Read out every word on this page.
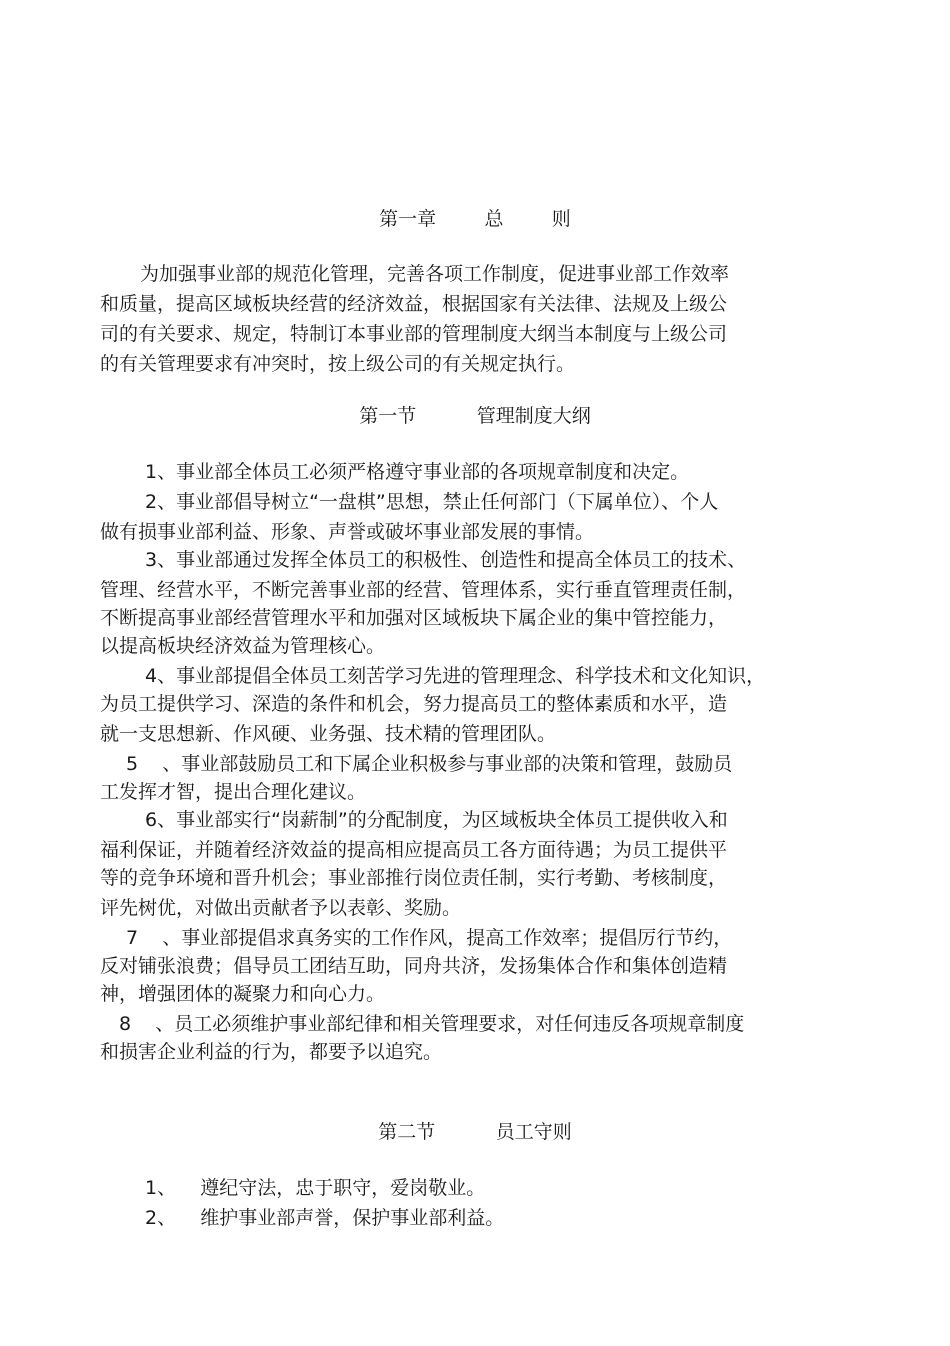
第一章        总        则

为加强事业部的规范化管理，完善各项工作制度，促进事业部工作效率

和质量，提高区域板块经营的经济效益，根据国家有关法律、法规及上级公

司的有关要求、规定，特制订本事业部的管理制度大纲当本制度与上级公司

的有关管理要求有冲突时，按上级公司的有关规定执行。

第一节          管理制度大纲

1、事业部全体员工必须严格遵守事业部的各项规章制度和决定。

2、事业部倡导树立“一盘棋”思想，禁止任何部门（下属单位）、个人

做有损事业部利益、形象、声誉或破坏事业部发展的事情。

3、事业部通过发挥全体员工的积极性、创造性和提高全体员工的技术、

管理、经营水平，不断完善事业部的经营、管理体系，实行垂直管理责任制，

不断提高事业部经营管理水平和加强对区域板块下属企业的集中管控能力，

以提高板块经济效益为管理核心。

4、事业部提倡全体员工刻苦学习先进的管理理念、科学技术和文化知识，

为员工提供学习、深造的条件和机会，努力提高员工的整体素质和水平，造

就一支思想新、作风硬、业务强、技术精的管理团队。

5    、事业部鼓励员工和下属企业积极参与事业部的决策和管理，鼓励员

工发挥才智，提出合理化建议。

6、事业部实行“岗薪制”的分配制度，为区域板块全体员工提供收入和

福利保证，并随着经济效益的提高相应提高员工各方面待遇；为员工提供平

等的竞争环境和晋升机会；事业部推行岗位责任制，实行考勤、考核制度，

评先树优，对做出贡献者予以表彰、奖励。

7    、事业部提倡求真务实的工作作风，提高工作效率；提倡厉行节约，

反对铺张浪费；倡导员工团结互助，同舟共济，发扬集体合作和集体创造精

神，增强团体的凝聚力和向心力。

8    、员工必须维护事业部纪律和相关管理要求，对任何违反各项规章制度

和损害企业利益的行为，都要予以追究。

第二节          员工守则

1、    遵纪守法，忠于职守，爱岗敬业。

2、    维护事业部声誉，保护事业部利益。
